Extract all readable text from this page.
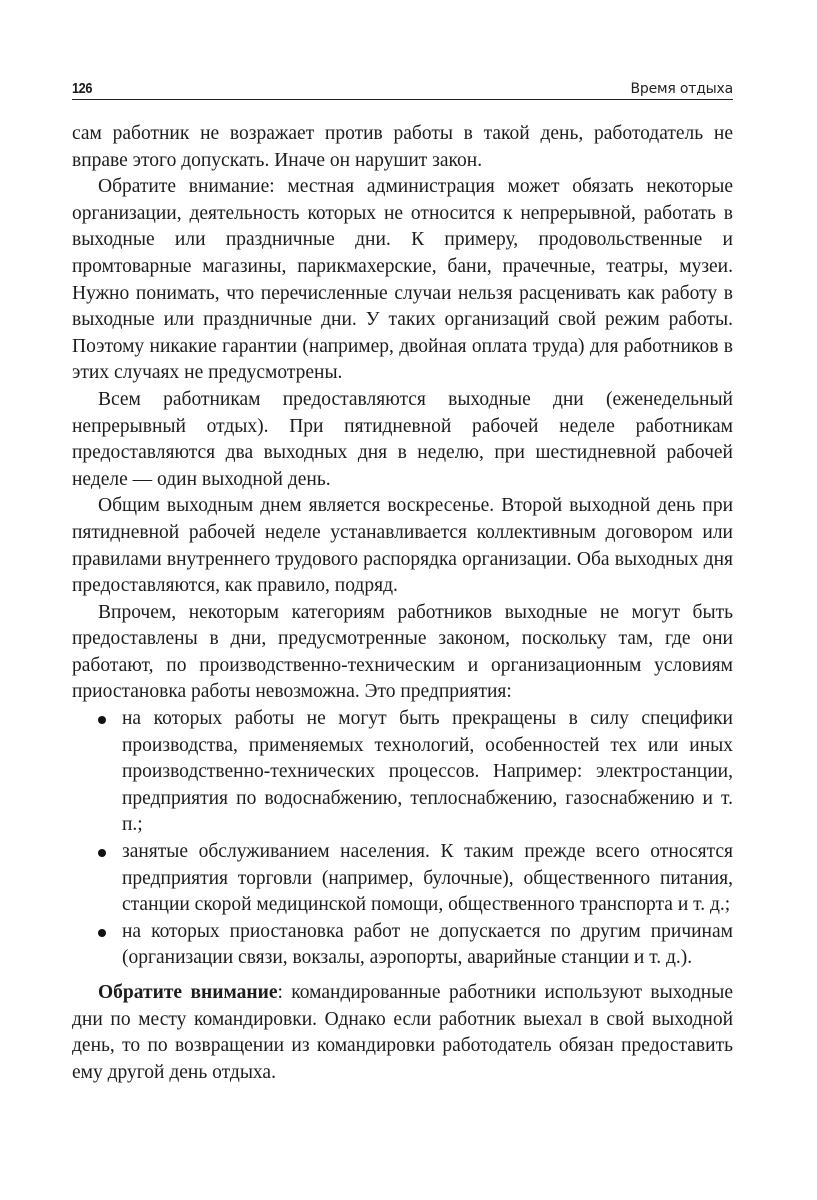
126	Время отдыха

сам работник не возражает против работы в такой день, работодатель не вправе этого допускать. Иначе он нарушит закон.

Обратите внимание: местная администрация может обязать некоторые организации, деятельность которых не относится к непрерывной, работать в выходные или праздничные дни. К примеру, продовольственные и промтоварные магазины, парикмахерские, бани, прачечные, театры, музеи. Нужно понимать, что перечисленные случаи нельзя расценивать как работу в выходные или праздничные дни. У таких организаций свой режим работы. Поэтому никакие гарантии (например, двойная оплата труда) для работников в этих случаях не предусмотрены.

Всем работникам предоставляются выходные дни (еженедельный непрерывный отдых). При пятидневной рабочей неделе работникам предоставляются два выходных дня в неделю, при шестидневной рабочей неделе — один выходной день.

Общим выходным днем является воскресенье. Второй выходной день при пятидневной рабочей неделе устанавливается коллективным договором или правилами внутреннего трудового распорядка организации. Оба выходных дня предоставляются, как правило, подряд.

Впрочем, некоторым категориям работников выходные не могут быть предоставлены в дни, предусмотренные законом, поскольку там, где они работают, по производственно-техническим и организационным условиям приостановка работы невозможна. Это предприятия:

на которых работы не могут быть прекращены в силу специфики производства, применяемых технологий, особенностей тех или иных производственно-технических процессов. Например: электростанции, предприятия по водоснабжению, теплоснабжению, газоснабжению и т. п.;
занятые обслуживанием населения. К таким прежде всего относятся предприятия торговли (например, булочные), общественного питания, станции скорой медицинской помощи, общественного транспорта и т. д.;
на которых приостановка работ не допускается по другим причинам (организации связи, вокзалы, аэропорты, аварийные станции и т. д.).

Обратите внимание: командированные работники используют выходные дни по месту командировки. Однако если работник выехал в свой выходной день, то по возвращении из командировки работодатель обязан предоставить ему другой день отдыха.
